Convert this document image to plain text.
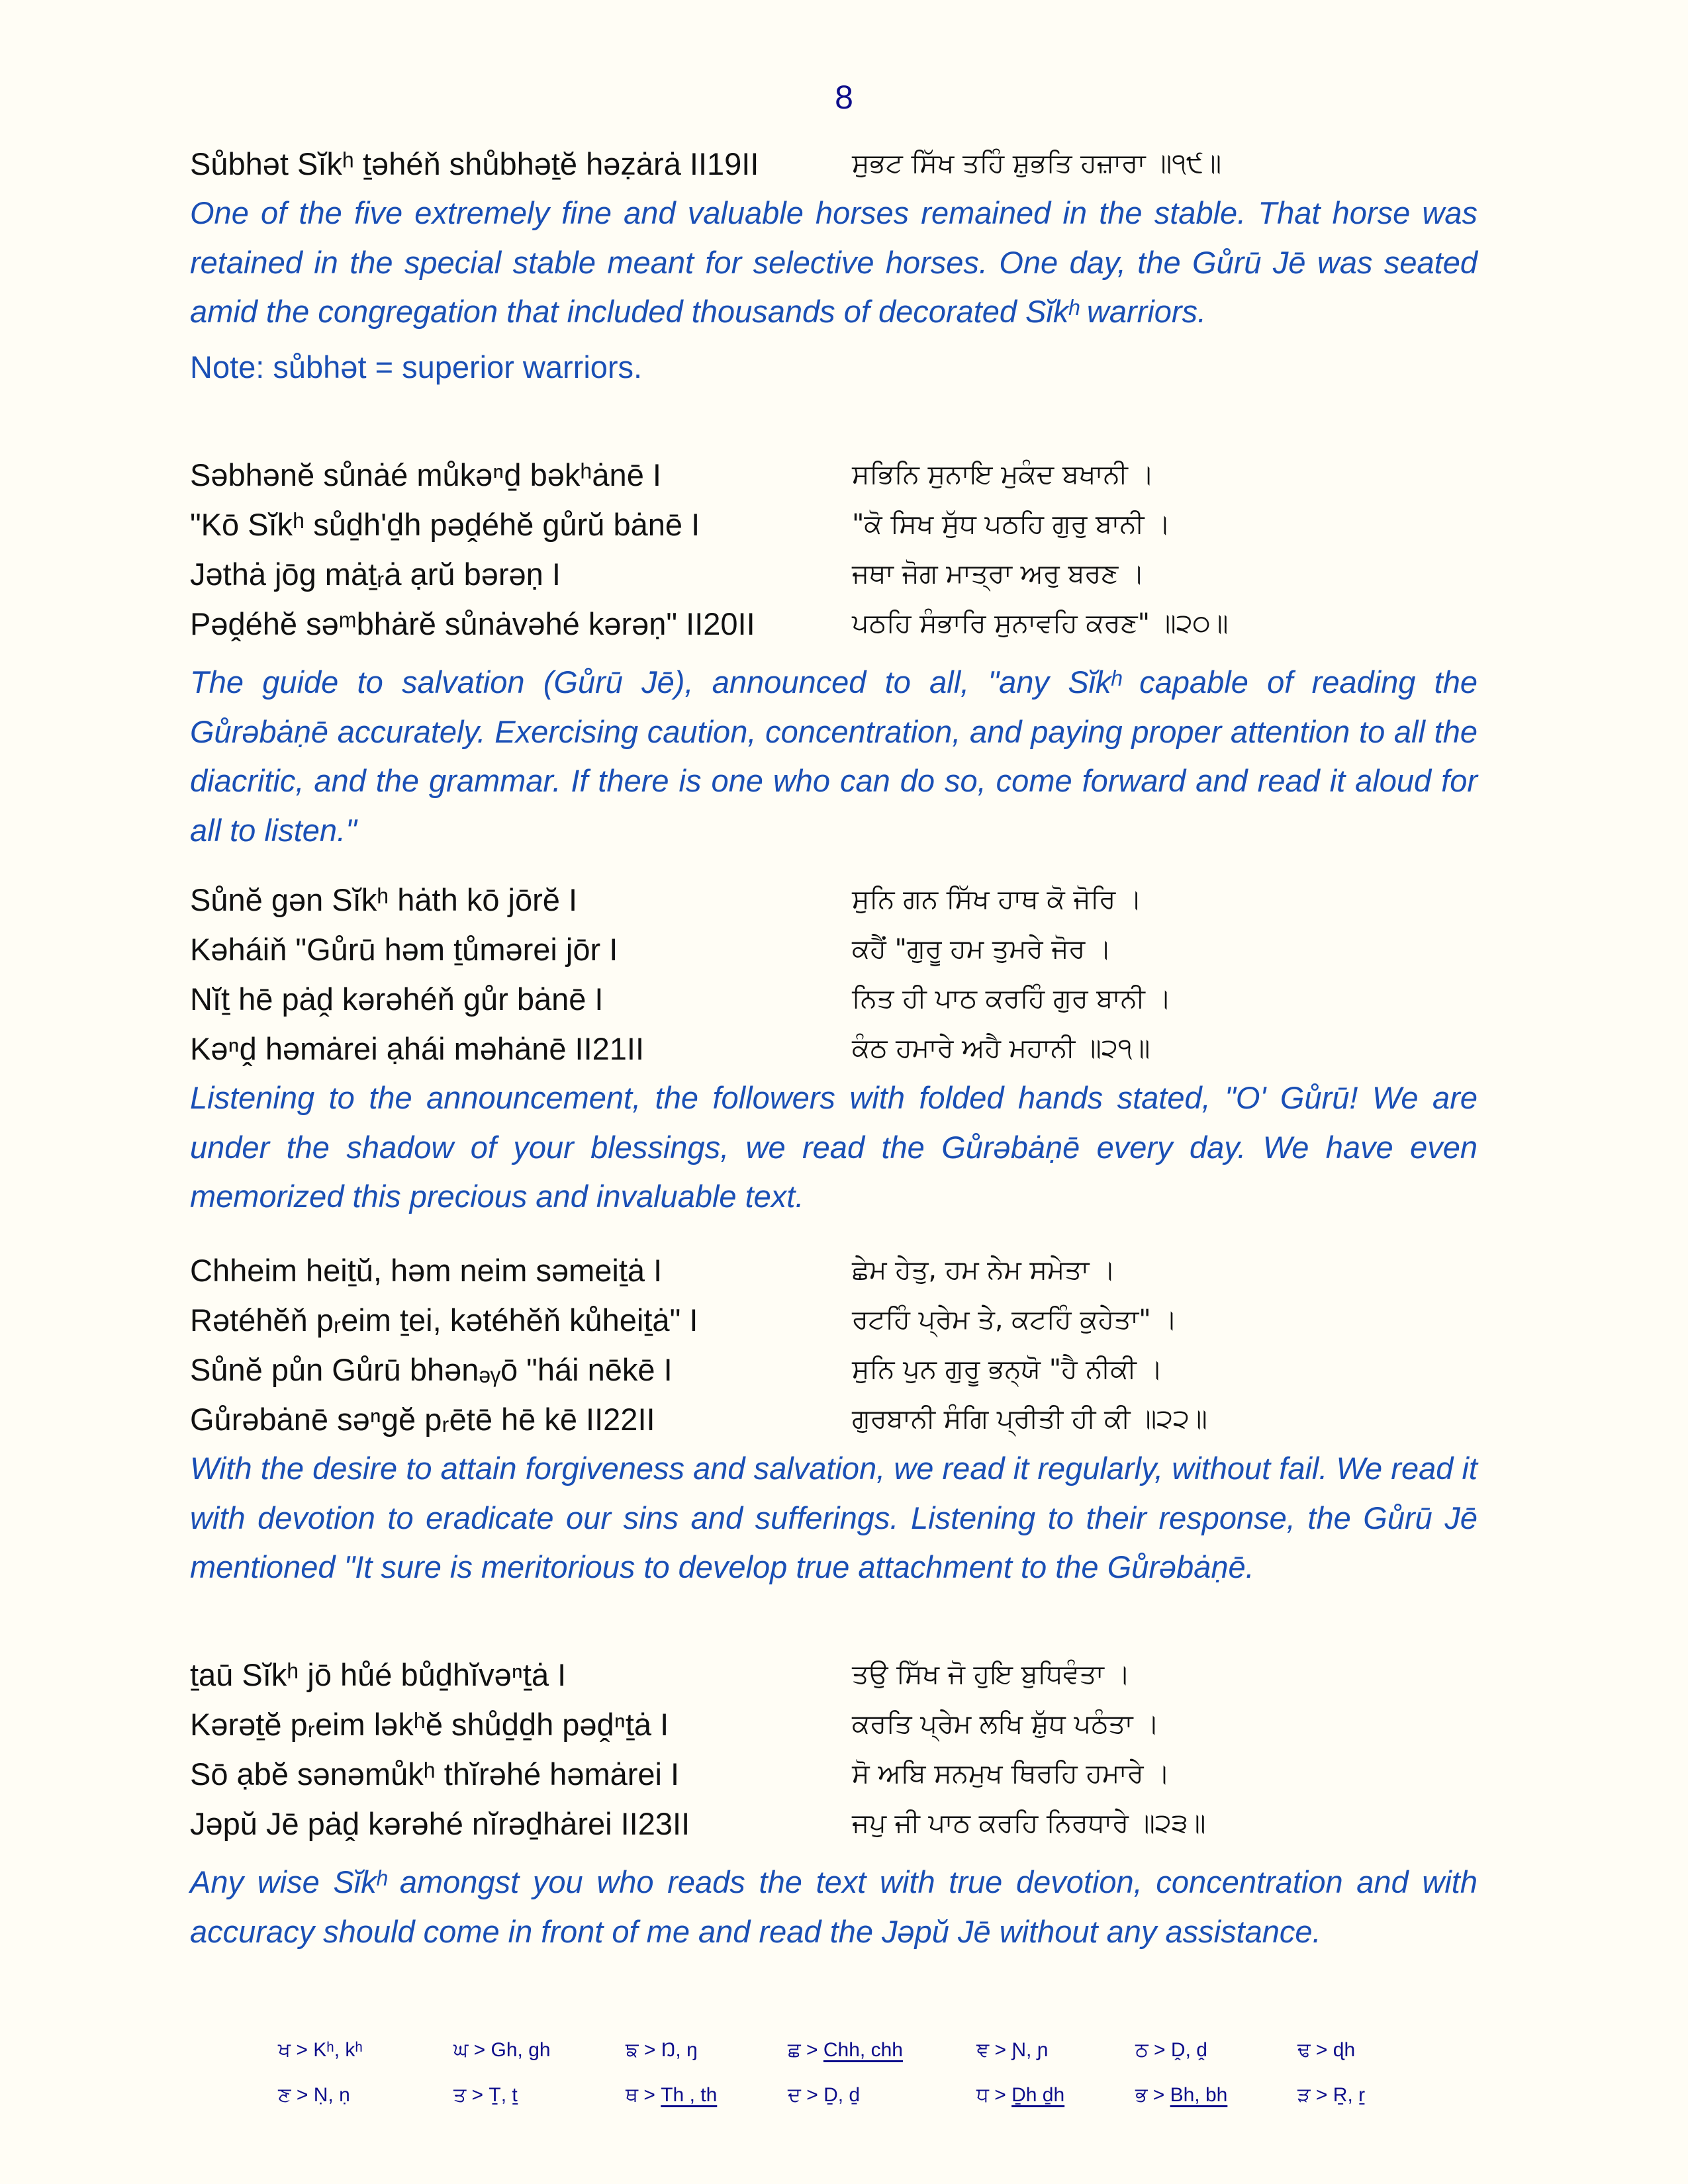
8
Sůbhət Sĭkʰ ṯəhéň shůbhəṯĕ həẓȧrȧ II19II	ਸੁਭਟ ਸਿੱਖ ਤਹਿੰ ਸ਼ੁਭਤਿ ਹਜ਼ਾਰਾ ॥੧੯॥
One of the five extremely fine and valuable horses remained in the stable. That horse was retained in the special stable meant for selective horses. One day, the Gůrū Jē was seated amid the congregation that included thousands of decorated Sĭkʰ warriors.
Note: sůbhət = superior warriors.
Səbhənĕ sůnȧé můkəⁿḏ bəkʰȧnē I	ਸਭਿਨਿ ਸੁਨਾਇ ਮੁਕੰਦ ਬਖਾਨੀ ।
"Kō Sĭkʰ sůḏh'ḏh pəḓéhĕ gůrŭ bȧnē I	"ਕੋ ਸਿਖ ਸੁੱਧ ਪਠਹਿ ਗੁਰੁ ਬਾਨੀ ।
Jəthȧ jōg mȧṯᵣȧ ạrŭ bərəṇ I	ਜਥਾ ਜੋਗ ਮਾਤ੍ਰਾ ਅਰੁ ਬਰਣ ।
Pəḓéhĕ səᵐbhȧrĕ sůnȧvəhé kərəṇ" II20II	ਪਠਹਿ ਸੰਭਾਰਿ ਸੁਨਾਵਹਿ ਕਰਣ" ॥੨੦॥
The guide to salvation (Gůrū Jē), announced to all, "any Sĭkʰ capable of reading the Gůrəbȧṇē accurately. Exercising caution, concentration, and paying proper attention to all the diacritic, and the grammar. If there is one who can do so, come forward and read it aloud for all to listen."
Sůnĕ gən Sĭkʰ hȧth kō jōrĕ I	ਸੁਨਿ ਗਨ ਸਿੱਖ ਹਾਥ ਕੋ ਜੋਰਿ ।
Kəháiň "Gůrū həm ṯůmərei jōr I	ਕਹੈਂ "ਗੁਰੂ ਹਮ ਤੁਮਰੇ ਜੋਰ ।
Nĭṯ hē pȧḓ kərəhéň gůr bȧnē I	ਨਿਤ ਹੀ ਪਾਠ ਕਰਹਿੰ ਗੁਰ ਬਾਨੀ ।
Kəⁿḓ həmȧrei ạhái məhȧnē II21II	ਕੰਠ ਹਮਾਰੇ ਅਹੈ ਮਹਾਨੀ ॥੨੧॥
Listening to the announcement, the followers with folded hands stated, "O' Gůrū! We are under the shadow of your blessings, we read the Gůrəbȧṇē every day. We have even memorized this precious and invaluable text.
Chheim heiṯŭ, həm neim səmeiṯȧ I	ਛੇਮ ਹੇਤੁ, ਹਮ ਨੇਮ ਸਮੇਤਾ ।
Rətéhĕň pᵣeim ṯei, kətéhĕň kůheiṯȧ" I	ਰਟਹਿੰ ਪ੍ਰੇਮ ਤੇ, ਕਟਹਿੰ ਕੁਹੇਤਾ" ।
Sůnĕ půn Gůrū bhənₔᵧō "hái nēkē I	ਸੁਨਿ ਪੁਨ ਗੁਰੂ ਭਨ੍ਯੋ "ਹੈ ਨੀਕੀ ।
Gůrəbȧnē səⁿgĕ pᵣētē hē kē II22II	ਗੁਰਬਾਨੀ ਸੰਗਿ ਪ੍ਰੀਤੀ ਹੀ ਕੀ ॥੨੨॥
With the desire to attain forgiveness and salvation, we read it regularly, without fail. We read it with devotion to eradicate our sins and sufferings. Listening to their response, the Gůrū Jē mentioned "It sure is meritorious to develop true attachment to the Gůrəbȧṇē.
ṯaū Sĭkʰ jō hůé bůḏhĭvəⁿṯȧ I	ਤਉ ਸਿੱਖ ਜੋ ਹੁਇ ਬੁਧਿਵੰਤਾ ।
Kərəṯĕ pᵣeim ləkʰĕ shůḏḏh pəḓⁿṯȧ I	ਕਰਤਿ ਪ੍ਰੇਮ ਲਖਿ ਸ਼ੁੱਧ ਪਠੰਤਾ ।
Sō ạbĕ sənəmůkʰ thĭrəhé həmȧrei I	ਸੋ ਅਬਿ ਸਨਮੁਖ ਥਿਰਹਿ ਹਮਾਰੇ ।
Jəpŭ Jē pȧḓ kərəhé nĭrəḏhȧrei II23II	ਜਪੁ ਜੀ ਪਾਠ ਕਰਹਿ ਨਿਰਧਾਰੇ ॥੨੩॥
Any wise Sĭkʰ amongst you who reads the text with true devotion, concentration and with accuracy should come in front of me and read the Jəpŭ Jē without any assistance.
ਖ > Kʰ, kʰ	ਘ > Gh, gh	ਙ > Ŋ, ŋ	ਛ > Chh, chh	ਞ > Ɲ, ɲ	ਠ > Ḓ, ḓ	ਢ > ɖh
ਣ > Ṇ, ṇ	ਤ > Ṯ, ṯ	ਥ > Th , th	ਦ > Ḏ, ḏ	ਧ > Ḏh ḏh	ਭ > Bh, bh	ੜ > Ṟ, ṟ
